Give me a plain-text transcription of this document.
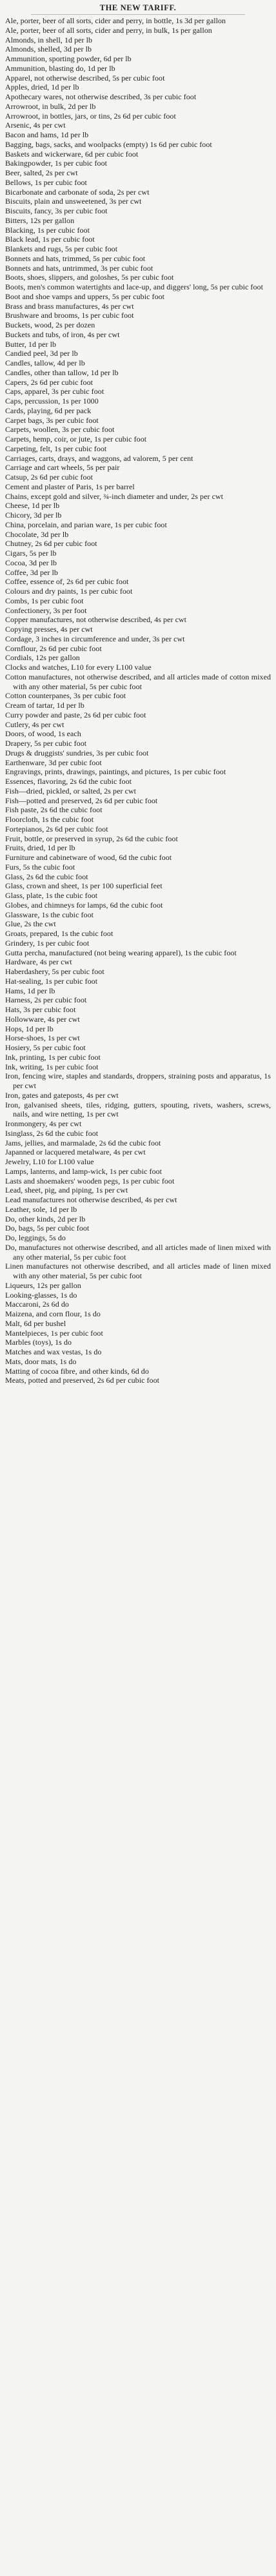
THE NEW TARIFF.
Ale, porter, beer of all sorts, cider and perry, in bottle, 1s 3d per gallon
Ale, porter, beer of all sorts, cider and perry, in bulk, 1s per gallon
Almonds, in shell, 1d per lb
Almonds, shelled, 3d per lb
Ammunition, sporting powder, 6d per lb
Ammunition, blasting do, 1d per lb
Apparel, not otherwise described, 5s per cubic foot
Apples, dried, 1d per lb
Apothecary wares, not otherwise described, 3s per cubic foot
Arrowroot, in bulk, 2d per lb
Arrowroot, in bottles, jars, or tins, 2s 6d per cubic foot
Arsenic, 4s per cwt
Bacon and hams, 1d per lb
Bagging, bags, sacks, and woolpacks (empty) 1s 6d per cubic foot
Baskets and wickerware, 6d per cubic foot
Bakingpowder, 1s per cubic foot
Beer, salted, 2s per cwt
Bellows, 1s per cubic foot
Bicarbonate and carbonate of soda, 2s per cwt
Biscuits, plain and unsweetened, 3s per cwt
Biscuits, fancy, 3s per cubic foot
Bitters, 12s per gallon
Blacking, 1s per cubic foot
Black lead, 1s per cubic foot
Blankets and rugs, 5s per cubic foot
Bonnets and hats, trimmed, 5s per cubic foot
Bonnets and hats, untrimmed, 3s per cubic foot
Boots, shoes, slippers, and goloshes, 5s per cubic foot
Boots, men's common watertights and lace-up, and diggers' long, 5s per cubic foot
Boot and shoe vamps and uppers, 5s per cubic foot
Brass and brass manufactures, 4s per cwt
Brushware and brooms, 1s per cubic foot
Buckets, wood, 2s per dozen
Buckets and tubs, of iron, 4s per cwt
Butter, 1d per lb
Candied peel, 3d per lb
Candles, tallow, 4d per lb
Candles, other than tallow, 1d per lb
Capers, 2s 6d per cubic foot
Caps, apparel, 3s per cubic foot
Caps, percussion, 1s per 1000
Cards, playing, 6d per pack
Carpet bags, 3s per cubic foot
Carpets, woollen, 3s per cubic foot
Carpets, hemp, coir, or jute, 1s per cubic foot
Carpeting, felt, 1s per cubic foot
Carriages, carts, drays, and waggons, ad valorem, 5 per cent
Carriage and cart wheels, 5s per pair
Catsup, 2s 6d per cubic foot
Cement and plaster of Paris, 1s per barrel
Chains, except gold and silver, ¾-inch diameter and under, 2s per cwt
Cheese, 1d per lb
Chicory, 3d per lb
China, porcelain, and parian ware, 1s per cubic foot
Chocolate, 3d per lb
Chutney, 2s 6d per cubic foot
Cigars, 5s per lb
Cocoa, 3d per lb
Coffee, 3d per lb
Coffee, essence of, 2s 6d per cubic foot
Colours and dry paints, 1s per cubic foot
Combs, 1s per cubic foot
Confectionery, 3s per foot
Copper manufactures, not otherwise described, 4s per cwt
Copying presses, 4s per cwt
Cordage, 3 inches in circumference and under, 3s per cwt
Cornflour, 2s 6d per cubic foot
Cordials, 12s per gallon
Clocks and watches, L10 for every L100 value
Cotton manufactures, not otherwise described, and all articles made of cotton mixed with any other material, 5s per cubic foot
Cotton counterpanes, 3s per cubic foot
Cream of tartar, 1d per lb
Curry powder and paste, 2s 6d per cubic foot
Cutlery, 4s per cwt
Doors, of wood, 1s each
Drapery, 5s per cubic foot
Drugs & druggists' sundries, 3s per cubic foot
Earthenware, 3d per cubic foot
Engravings, prints, drawings, paintings, and pictures, 1s per cubic foot
Essences, flavoring, 2s 6d the cubic foot
Fish—dried, pickled, or salted, 2s per cwt
Fish—potted and preserved, 2s 6d per cubic foot
Fish paste, 2s 6d the cubic foot
Floorcloth, 1s the cubic foot
Fortepianos, 2s 6d per cubic foot
Fruit, bottle, or preserved in syrup, 2s 6d the cubic foot
Fruits, dried, 1d per lb
Furniture and cabinetware of wood, 6d the cubic foot
Furs, 5s the cubic foot
Glass, 2s 6d the cubic foot
Glass, crown and sheet, 1s per 100 superficial feet
Glass, plate, 1s the cubic foot
Globes, and chimneys for lamps, 6d the cubic foot
Glassware, 1s the cubic foot
Glue, 2s the cwt
Groats, prepared, 1s the cubic foot
Grindery, 1s per cubic foot
Gutta percha, manufactured (not being wearing apparel), 1s the cubic foot
Hardware, 4s per cwt
Haberdashery, 5s per cubic foot
Hat-sealing, 1s per cubic foot
Hams, 1d per lb
Harness, 2s per cubic foot
Hats, 3s per cubic foot
Hollowware, 4s per cwt
Hops, 1d per lb
Horse-shoes, 1s per cwt
Hosiery, 5s per cubic foot
Ink, printing, 1s per cubic foot
Ink, writing, 1s per cubic foot
Iron, fencing wire, staples and standards, droppers, straining posts and apparatus, 1s per cwt
Iron, gates and gateposts, 4s per cwt
Iron, galvanised sheets, tiles, ridging, gutters, spouting, rivets, washers, screws, nails, and wire netting, 1s per cwt
Ironmongery, 4s per cwt
Isinglass, 2s 6d the cubic foot
Jams, jellies, and marmalade, 2s 6d the cubic foot
Japanned or lacquered metalware, 4s per cwt
Jewelry, L10 for L100 value
Lamps, lanterns, and lamp-wick, 1s per cubic foot
Lasts and shoemakers' wooden pegs, 1s per cubic foot
Lead, sheet, pig, and piping, 1s per cwt
Lead manufactures not otherwise described, 4s per cwt
Leather, sole, 1d per lb
Do, other kinds, 2d per lb
Do, bags, 5s per cubic foot
Do, leggings, 5s do
Do, manufactures not otherwise described, and all articles made of linen mixed with any other material, 5s per cubic foot
Linen manufactures not otherwise described, and all articles made of linen mixed with any other material, 5s per cubic foot
Liqueurs, 12s per gallon
Looking-glasses, 1s do
Maccaroni, 2s 6d do
Maizena, and corn flour, 1s do
Malt, 6d per bushel
Mantelpieces, 1s per cubic foot
Marbles (toys), 1s do
Matches and wax vestas, 1s do
Mats, door mats, 1s do
Matting of cocoa fibre, and other kinds, 6d do
Meats, potted and preserved, 2s 6d per cubic foot
